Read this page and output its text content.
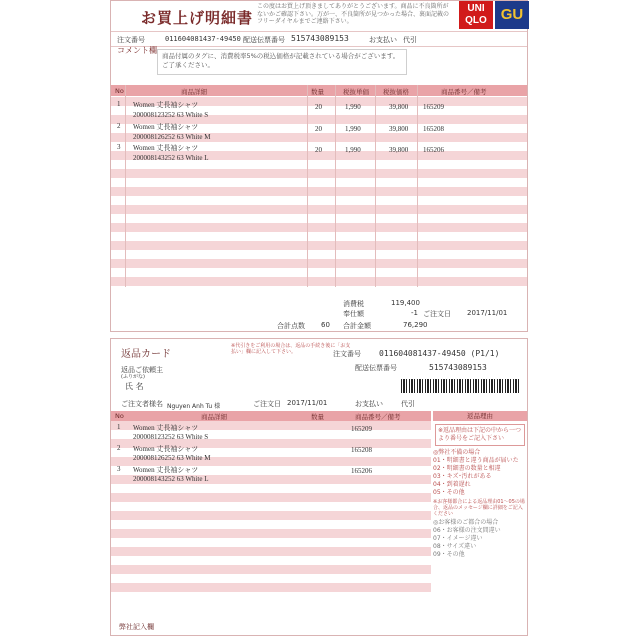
お買上げ明細書
この度はお買上げ頂きましてありがとうございます。商品に不良箇所がないかご確認下さい。万が一、不良箇所が見つかった場合、裏面記載のフリーダイヤルまでご連絡下さい。
UNI
QLO GU
注文番号	011604081437-49450 配送伝票番号 515743089153	お支払い 代引
コメント欄
商品付属のタグに、消費税率5%の税込価格が記載されている場合がございます。ご了承ください。
No	商品詳細	数量	税抜単価 税抜価格	商品番号／備考
1 Women 丈長袖シャツ
200008123252 63 White S
20	1,990	39,800 165209
2 Women 丈長袖シャツ
200008126252 63 White M
20	1,990	39,800 165208
3 Women 丈長袖シャツ
200008143252 63 White L
20	1,990	39,800 165206
消費税	119,400
奉仕額	-1 ご注文日 2017/11/01
合計点数 60 合計金額	76,290
返品カード
※代引きをご利用の場合は、返品の手続き後に「お支払い」欄に記入して下さい。	注文番号 011604081437-49450 (P1/1)
配送伝票番号	515743089153
返品ご依頼主
(ふりがな)
氏 名
ご注文者様名 Nguyen Anh Tu 様	ご注文日 2017/11/01	お支払い	代引
No	商品詳細	数量	商品番号／備考
1 Women 丈長袖シャツ
200008123252 63 White S
165209
2 Women 丈長袖シャツ
200008126252 63 White M
165208
3 Women 丈長袖シャツ
200008143252 63 White L
165206
返品理由
※返品理由は下記の中から一つより番号をご記入下さい
◎弊社不備の場合
01・明細書と違う商品が届いた
02・明細書の数量と相違
03・キズ･汚れがある
04・到着遅れ
05・その他
※お客様都合による返品理由01～05の場合、返品のメッセージ欄に詳細をご記入ください
◎お客様のご都合の場合
06・お客様の注文間違い
07・イメージ違い
08・サイズ違い
09・その他
弊社記入欄
